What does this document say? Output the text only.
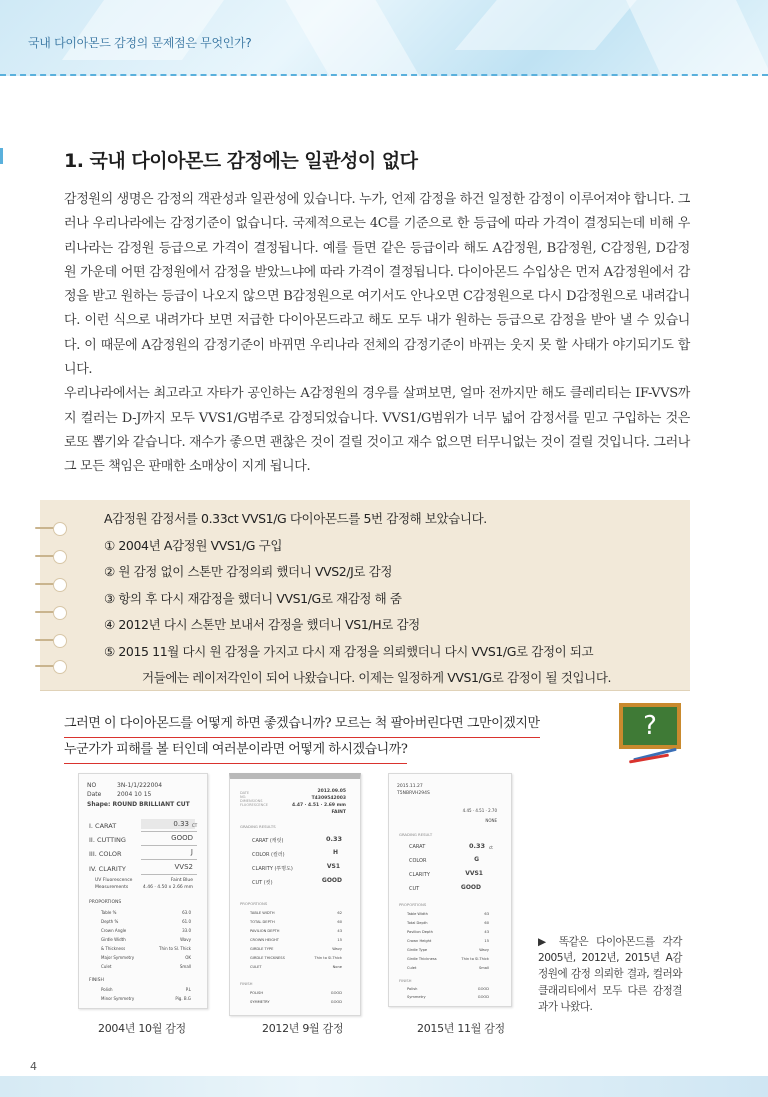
국내 다이아몬드 감정의 문제점은 무엇인가?
1. 국내 다이아몬드 감정에는 일관성이 없다

감정원의 생명은 감정의 객관성과 일관성에 있습니다. 누가, 언제 감정을 하건 일정한 감정이 이루어져야 합니다. 그러나 우리나라에는 감정기준이 없습니다. 국제적으로는 4C를 기준으로 한 등급에 따라 가격이 결정되는데 비해 우리나라는 감정원 등급으로 가격이 결정됩니다. 예를 들면 같은 등급이라 해도 A감정원, B감정원, C감정원, D감정원 가운데 어떤 감정원에서 감정을 받았느냐에 따라 가격이 결정됩니다. 다이아몬드 수입상은 먼저 A감정원에서 감정을 받고 원하는 등급이 나오지 않으면 B감정원으로 여기서도 안나오면 C감정원으로 다시 D감정원으로 내려갑니다. 이런 식으로 내려가다 보면 저급한 다이아몬드라고 해도 모두 내가 원하는 등급으로 감정을 받아 낼 수 있습니다. 이 때문에 A감정원의 감정기준이 바뀌면 우리나라 전체의 감정기준이 바뀌는 웃지 못 할 사태가 야기되기도 합니다.

우리나라에서는 최고라고 자타가 공인하는 A감정원의 경우를 살펴보면, 얼마 전까지만 해도 클레리티는 IF-VVS까지 컬러는 D-J까지 모두 VVS1/G범주로 감정되었습니다. VVS1/G범위가 너무 넓어 감정서를 믿고 구입하는 것은 로또 뽑기와 같습니다. 재수가 좋으면 괜찮은 것이 걸릴 것이고 재수 없으면 터무니없는 것이 걸릴 것입니다. 그러나 그 모든 책임은 판매한 소매상이 지게 됩니다.

A감정원 감정서를 0.33ct VVS1/G 다이아몬드를 5번 감정해 보았습니다.
① 2004년 A감정원 VVS1/G 구입
② 원 감정 없이 스톤만 감정의뢰 했더니 VVS2/J로 감정
③ 항의 후 다시 재감정을 했더니 VVS1/G로 재감정 해 줌
④ 2012년 다시 스톤만 보내서 감정을 했더니 VS1/H로 감정
⑤ 2015 11월 다시 원 감정을 가지고 다시 재 감정을 의뢰했더니 다시 VVS1/G로 감정이 되고
거들에는 레이저각인이 되어 나왔습니다. 이제는 일정하게 VVS1/G로 감정이 될 것입니다.
그러면 이 다이아몬드를 어떻게 하면 좋겠습니까? 모르는 척 팔아버린다면 그만이겠지만
누군가가 피해를 볼 터인데 여러분이라면 어떻게 하시겠습니까?
?
NO	3N-1/1/222004
Date	2004 10 15
Shape: ROUND BRILLIANT CUT
I. CARAT	0.33 CT
II. CUTTING	GOOD
III. COLOR	J
IV. CLARITY	VVS2
UV Fluorescence	Faint Blue
Measurements	4.46 · 4.50 x 2.66 mm
PROPORTIONS
Table %	63.0
Depth %	61.0
Crown Angle	33.0
Girdle Width	Wavy
& Thickness	Thin to Sl. Thick
Major Symmetry	OK
Culet	Small
FINISH
Polish	P.L
Minor Symmetry	Pig. B.G
2004년 10월 감정
DATE
NO.
DIMENSIONS
FLUORESCENCE
2012.09.05
T4309542003
4.47 · 4.51 · 2.69 mm
FAINT
GRADING RESULTS
CARAT (캐럿)	0.33
COLOR (컬러)	H
CLARITY (투명도)	VS1
CUT (컷)	GOOD
PROPORTIONS
TABLE WIDTH	62
TOTAL DEPTH	60
PAVILION DEPTH	43
CROWN HEIGHT	15
GIRDLE TYPE	Wavy
GIRDLE THICKNESS	Thin to Sl.Thick
CULET	None
FINISH
POLISH	GOOD
SYMMETRY	GOOD
2012년 9월 감정
2015.11.27
T5NBRVH294S
4.45 · 4.51 · 2.70
NONE
GRADING RESULT
CARAT	0.33 ct
COLOR	G
CLARITY	VVS1
CUT	GOOD
PROPORTIONS
Table Width	63
Total Depth	60
Pavilion Depth	43
Crown Height	15
Girdle Type	Wavy
Girdle Thickness	Thin to Sl.Thick
Culet	Small
FINISH
Polish	GOOD
Symmetry	GOOD
2015년 11월 감정
▶ 똑같은 다이아몬드를 각각 2005년, 2012년, 2015년 A감정원에 감정 의뢰한 결과, 컬러와 클래리티에서 모두 다른 감정결과가 나왔다.
4
